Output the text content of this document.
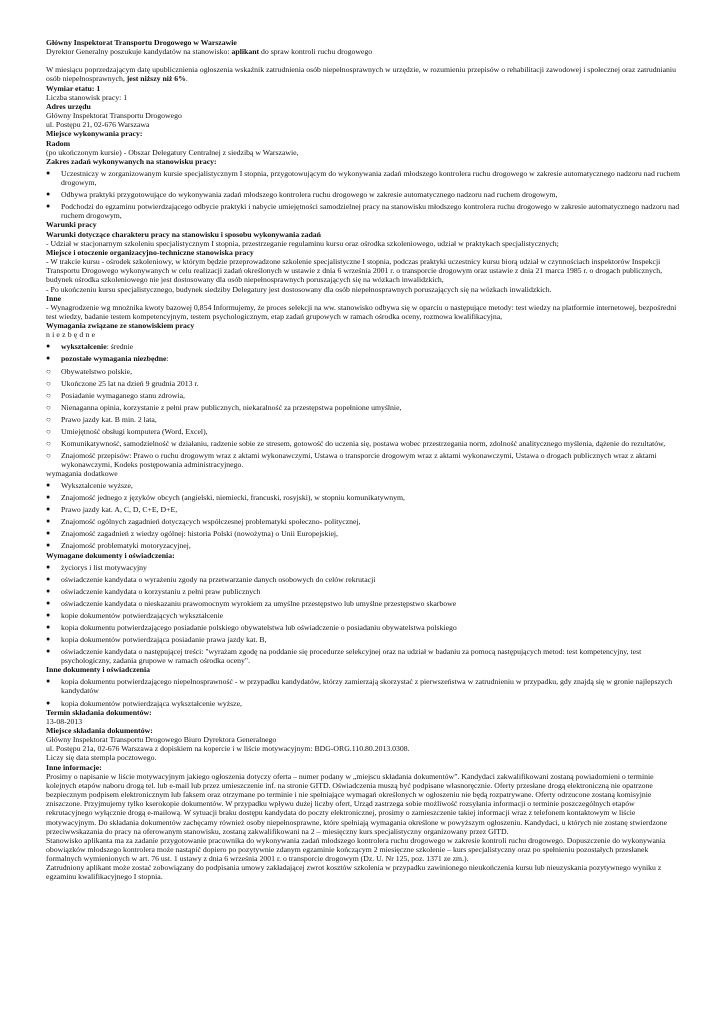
Główny Inspektorat Transportu Drogowego w Warszawie

Dyrektor Generalny poszukuje kandydatów na stanowisko: aplikant do spraw kontroli ruchu drogowego

W miesiącu poprzedzającym datę upublicznienia ogłoszenia wskaźnik zatrudnienia osób niepełnosprawnych w urzędzie, w rozumieniu przepisów o rehabilitacji zawodowej i społecznej oraz zatrudnianiu osób niepełnosprawnych, jest niższy niż 6%.

Wymiar etatu: 1

Liczba stanowisk pracy: 1

Adres urzędu

Główny Inspektorat Transportu Drogowego

ul. Postępu 21, 02-676 Warszawa

Miejsce wykonywania pracy:

Radom

(po ukończonym kursie) - Obszar Delegatury Centralnej z siedzibą w Warszawie,

Zakres zadań wykonywanych na stanowisku pracy:

●	Uczestniczy w zorganizowanym kursie specjalistycznym I stopnia, przygotowującym do wykonywania zadań młodszego kontrolera ruchu drogowego w zakresie automatycznego nadzoru nad ruchem drogowym,
●	Odbywa praktyki przygotowujące do wykonywania zadań młodszego kontrolera ruchu drogowego w zakresie automatycznego nadzoru nad ruchem drogowym,
●	Podchodzi do egzaminu potwierdzającego odbycie praktyki i nabycie umiejętności samodzielnej pracy na stanowisku młodszego kontrolera ruchu drogowego w zakresie automatycznego nadzoru nad ruchem drogowym,

Warunki pracy

Warunki dotyczące charakteru pracy na stanowisku i sposobu wykonywania zadań

- Udział w stacjonarnym szkoleniu specjalistycznym I stopnia, przestrzeganie regulaminu kursu oraz ośrodka szkoleniowego, udział w praktykach specjalistycznych;

Miejsce i otoczenie organizacyjno-techniczne stanowiska pracy

- W trakcie kursu - ośrodek szkoleniowy, w którym będzie przeprowadzone szkolenie specjalistyczne I stopnia, podczas praktyki uczestnicy kursu biorą udział w czynnościach inspektorów Inspekcji Transportu Drogowego wykonywanych w celu realizacji zadań określonych w ustawie z dnia 6 września 2001 r. o transporcie drogowym oraz ustawie z dnia 21 marca 1985 r. o drogach publicznych, budynek ośrodka szkoleniowego nie jest dostosowany dla osób niepełnosprawnych poruszających się na wózkach inwalidzkich,

- Po ukończeniu kursu specjalistycznego, budynek siedziby Delegatury jest dostosowany dla osób niepełnosprawnych poruszających się na wózkach inwalidzkich.

Inne

- Wynagrodzenie wg mnożnika kwoty bazowej 0,854 Informujemy, że proces selekcji na ww. stanowisko odbywa się w oparciu o następujące metody: test wiedzy na platformie internetowej, bezpośredni test wiedzy, badanie testem kompetencyjnym, testem psychologicznym, etap zadań grupowych w ramach ośrodka oceny, rozmowa kwalifikacyjna,

Wymagania związane ze stanowiskiem pracy

niezbędne

●	wykształcenie: średnie
●	pozostałe wymagania niezbędne:
○	Obywatelstwo polskie,
○	Ukończone 25 lat na dzień 9 grudnia 2013 r.
○	Posiadanie wymaganego stanu zdrowia,
○	Nienaganna opinia, korzystanie z pełni praw publicznych, niekaralność za przestępstwa popełnione umyślnie,
○	Prawo jazdy kat. B min. 2 lata,
○	Umiejętność obsługi komputera (Word, Excel),
○	Komunikatywność, samodzielność w działaniu, radzenie sobie ze stresem, gotowość do uczenia się, postawa wobec przestrzegania norm, zdolność analitycznego myślenia, dążenie do rezultatów,
○	Znajomość przepisów: Prawo o ruchu drogowym wraz z aktami wykonawczymi, Ustawa o transporcie drogowym wraz z aktami wykonawczymi, Ustawa o drogach publicznych wraz z aktami wykonawczymi, Kodeks postępowania administracyjnego.

wymagania dodatkowe

●	Wykształcenie wyższe,
●	Znajomość jednego z języków obcych (angielski, niemiecki, francuski, rosyjski), w stopniu komunikatywnym,
●	Prawo jazdy kat. A, C, D, C+E, D+E,
●	Znajomość ogólnych zagadnień dotyczących współczesnej problematyki społeczno- politycznej,
●	Znajomość zagadnień z wiedzy ogólnej: historia Polski (nowożytna) o Unii Europejskiej,
●	Znajomość problematyki motoryzacyjnej,

Wymagane dokumenty i oświadczenia:

●	życiorys i list motywacyjny
●	oświadczenie kandydata o wyrażeniu zgody na przetwarzanie danych osobowych do celów rekrutacji
●	oświadczenie kandydata o korzystaniu z pełni praw publicznych
●	oświadczenie kandydata o nieskazaniu prawomocnym wyrokiem za umyślne przestępstwo lub umyślne przestępstwo skarbowe
●	kopie dokumentów potwierdzających wykształcenie
●	kopia dokumentu potwierdzającego posiadanie polskiego obywatelstwa lub oświadczenie o posiadaniu obywatelstwa polskiego
●	kopia dokumentów potwierdzająca posiadanie prawa jazdy kat. B,
●	oświadczenie kandydata o następującej treści: "wyrażam zgodę na poddanie się procedurze selekcyjnej oraz na udział w badaniu za pomocą następujących metod: test kompetencyjny, test psychologiczny, zadania grupowe w ramach ośrodka oceny".

Inne dokumenty i oświadczenia

●	kopia dokumentu potwierdzającego niepełnosprawność - w przypadku kandydatów, którzy zamierzają skorzystać z pierwszeństwa w zatrudnieniu w przypadku, gdy znajdą się w gronie najlepszych kandydatów
●	kopia dokumentów potwierdzająca wykształcenie wyższe,

Termin składania dokumentów:

13-08-2013

Miejsce składania dokumentów:

Główny Inspektorat Transportu Drogowego Biuro Dyrektora Generalnego

ul. Postępu 21a, 02-676 Warszawa z dopiskiem na kopercie i w liście motywacyjnym: BDG-ORG.110.80.2013.0308.

Liczy się data stempla pocztowego.

Inne informacje:

Prosimy o napisanie w liście motywacyjnym jakiego ogłoszenia dotyczy oferta – numer podany w „miejscu składania dokumentów”. Kandydaci zakwalifikowani zostaną powiadomieni o terminie kolejnych etapów naboru drogą tel. lub e-mail lub przez umieszczenie inf. na stronie GITD. Oświadczenia muszą być podpisane własnoręcznie. Oferty przesłane drogą elektroniczną nie opatrzone bezpiecznym podpisem elektronicznym lub faksem oraz otrzymane po terminie i nie spełniające wymagań określonych w ogłoszeniu nie będą rozpatrywane. Oferty odrzucone zostaną komisyjnie zniszczone. Przyjmujemy tylko kserokopie dokumentów. W przypadku wpływu dużej liczby ofert, Urząd zastrzega sobie możliwość rozsyłania informacji o terminie poszczególnych etapów rekrutacyjnego wyłącznie drogą e-mailową. W sytuacji braku dostępu kandydata do poczty elektronicznej, prosimy o zamieszczenie takiej informacji wraz z telefonem kontaktowym w liście motywacyjnym. Do składania dokumentów zachęcamy również osoby niepełnosprawne, które spełniają wymagania określone w powyższym ogłoszeniu. Kandydaci, u których nie zostanę stwierdzone przeciwwskazania do pracy na oferowanym stanowisku, zostaną zakwalifikowani na 2 – miesięczny kurs specjalistyczny organizowany przez GITD.

Stanowisko aplikanta ma za zadanie przygotowanie pracownika do wykonywania zadań młodszego kontrolera ruchu drogowego w zakresie kontroli ruchu drogowego. Dopuszczenie do wykonywania obowiązków młodszego kontrolera może nastąpić dopiero po pozytywnie zdanym egzaminie kończącym 2 miesięczne szkolenie – kurs specjalistyczny oraz po spełnieniu pozostałych przesłanek formalnych wymienionych w art. 76 ust. 1 ustawy z dnia 6 września 2001 r. o transporcie drogowym (Dz. U. Nr 125, poz. 1371 ze zm.).

Zatrudniony aplikant może zostać zobowiązany do podpisania umowy zakładającej zwrot kosztów szkolenia w przypadku zawinionego nieukończenia kursu lub nieuzyskania pozytywnego wyniku z egzaminu kwalifikacyjnego I stopnia.
